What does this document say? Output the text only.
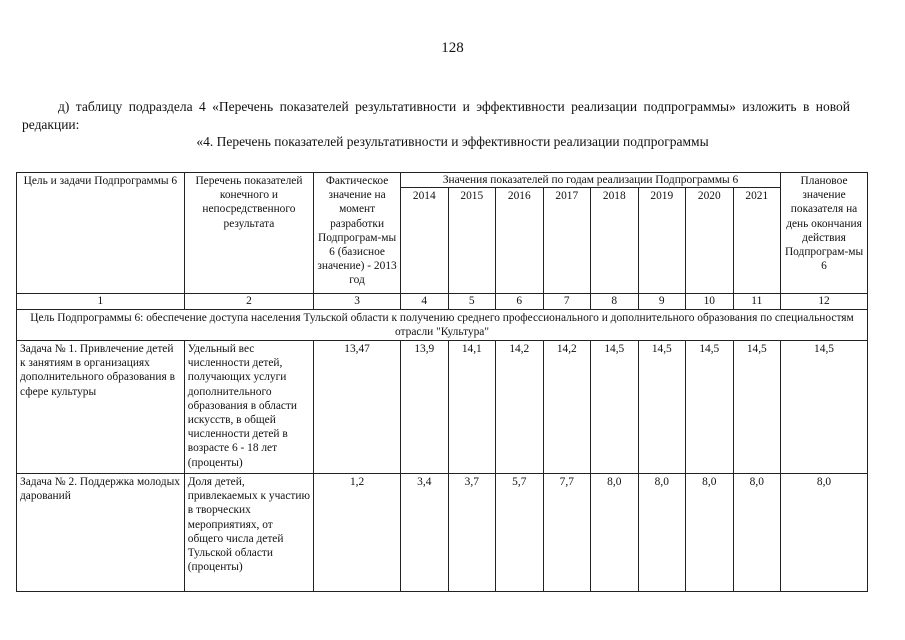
128
д) таблицу подраздела 4 «Перечень показателей результативности и эффективности реализации подпрограммы» изложить в новой редакции:
«4. Перечень показателей результативности и эффективности реализации подпрограммы
Цель и задачи Подпрограммы 6	Перечень показателей конечного и непосредственного результата	Фактическое значение на момент разработки Подпрограм-мы 6 (базисное значение) - 2013 год	Значения показателей по годам реализации Подпрограммы 6								Плановое значение показателя на день окончания действия Подпрограм-мы 6
			2014	2015	2016	2017	2018	2019	2020	2021	
1	2	3	4	5	6	7	8	9	10	11	12
Цель Подпрограммы 6: обеспечение доступа населения Тульской области к получению среднего профессионального и дополнительного образования по специальностям отрасли "Культура"											
Задача № 1. Привлечение детей к занятиям в организациях дополнительного образования в сфере культуры	Удельный вес численности детей, получающих услуги дополнительного образования в области искусств, в общей численности детей в возрасте 6 - 18 лет (проценты)	13,47	13,9	14,1	14,2	14,2	14,5	14,5	14,5	14,5	14,5
Задача № 2. Поддержка молодых дарований	Доля детей, привлекаемых к участию в творческих мероприятиях, от общего числа детей Тульской области (проценты)	1,2	3,4	3,7	5,7	7,7	8,0	8,0	8,0	8,0	8,0
